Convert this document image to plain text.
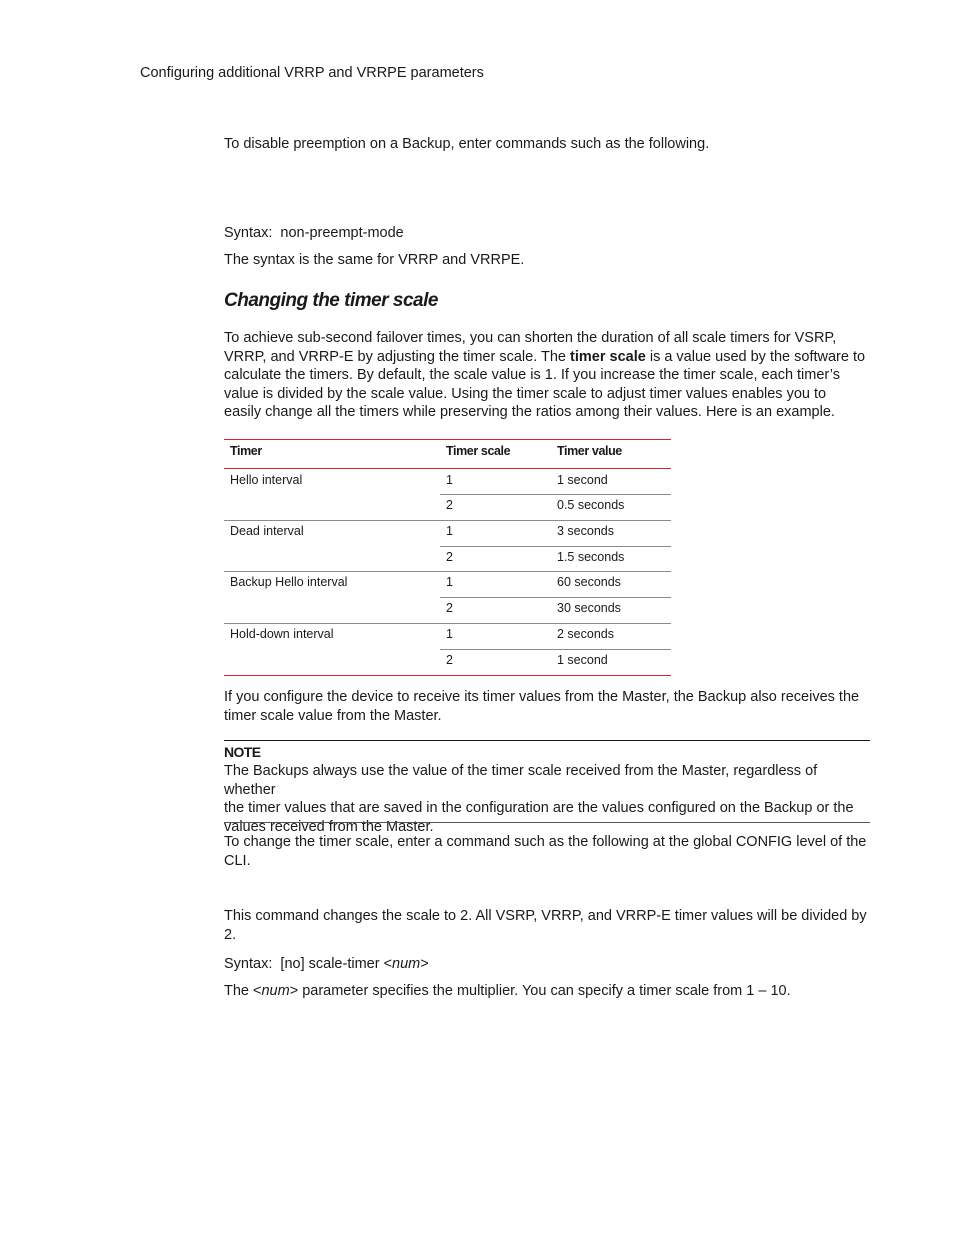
Configuring additional VRRP and VRRPE parameters
To disable preemption on a Backup, enter commands such as the following.
Syntax: non-preempt-mode
The syntax is the same for VRRP and VRRPE.
Changing the timer scale
To achieve sub-second failover times, you can shorten the duration of all scale timers for VSRP,
VRRP, and VRRP-E by adjusting the timer scale. The timer scale is a value used by the software to
calculate the timers. By default, the scale value is 1. If you increase the timer scale, each timer’s
value is divided by the scale value. Using the timer scale to adjust timer values enables you to
easily change all the timers while preserving the ratios among their values. Here is an example.
Timer	Timer scale	Timer value
Hello interval	1	1 second
2	0.5 seconds
Dead interval	1	3 seconds
2	1.5 seconds
Backup Hello interval	1	60 seconds
2	30 seconds
Hold-down interval	1	2 seconds
2	1 second
If you configure the device to receive its timer values from the Master, the Backup also receives the
timer scale value from the Master.
NOTE
The Backups always use the value of the timer scale received from the Master, regardless of whether
the timer values that are saved in the configuration are the values configured on the Backup or the
values received from the Master.
To change the timer scale, enter a command such as the following at the global CONFIG level of the
CLI.
This command changes the scale to 2. All VSRP, VRRP, and VRRP-E timer values will be divided by
2.
Syntax: [no] scale-timer <num>
The <num> parameter specifies the multiplier. You can specify a timer scale from 1 – 10.
